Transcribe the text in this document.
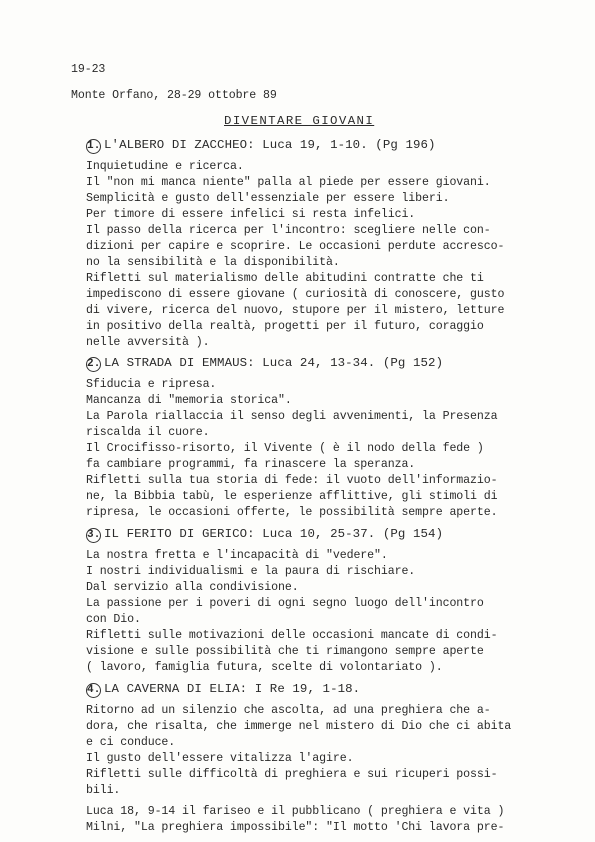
19-23
Monte Orfano, 28-29 ottobre 89
DIVENTARE GIOVANI
1. L'ALBERO DI ZACCHEO: Luca 19, 1-10. (Pg 196)
Inquietudine e ricerca.
Il "non mi manca niente" palla al piede per essere giovani.
Semplicità e gusto dell'essenziale per essere liberi.
Per timore di essere infelici si resta infelici.
Il passo della ricerca per l'incontro: scegliere nelle con-
dizioni per capire e scoprire. Le occasioni perdute accresco-
no la sensibilità e la disponibilità.
Rifletti sul materialismo delle abitudini contratte che ti
impediscono di essere giovane ( curiosità di conoscere, gusto
di vivere, ricerca del nuovo, stupore per il mistero, letture
in positivo della realtà, progetti per il futuro, coraggio
nelle avversità ).
2. LA STRADA DI EMMAUS: Luca 24, 13-34. (Pg 152)
Sfiducia e ripresa.
Mancanza di "memoria storica".
La Parola riallaccia il senso degli avvenimenti, la Presenza
riscalda il cuore.
Il Crocifisso-risorto, il Vivente ( è il nodo della fede )
fa cambiare programmi, fa rinascere la speranza.
Rifletti sulla tua storia di fede: il vuoto dell'informazio-
ne, la Bibbia tabù, le esperienze afflittive, gli stimoli di
ripresa, le occasioni offerte, le possibilità sempre aperte.
3. IL FERITO DI GERICO: Luca 10, 25-37. (Pg 154)
La nostra fretta e l'incapacità di "vedere".
I nostri individualismi e la paura di rischiare.
Dal servizio alla condivisione.
La passione per i poveri di ogni segno luogo dell'incontro
con Dio.
Rifletti sulle motivazioni delle occasioni mancate di condi-
visione e sulle possibilità che ti rimangono sempre aperte
( lavoro, famiglia futura, scelte di volontariato ).
4. LA CAVERNA DI ELIA: I Re 19, 1-18.
Ritorno ad un silenzio che ascolta, ad una preghiera che a-
dora, che risalta, che immerge nel mistero di Dio che ci abita
e ci conduce.
Il gusto dell'essere vitalizza l'agire.
Rifletti sulle difficoltà di preghiera e sui ricuperi possi-
bili.
Luca 18, 9-14 il fariseo e il pubblicano ( preghiera e vita )
Milni, "La preghiera impossibile": "Il motto 'Chi lavora pre-
